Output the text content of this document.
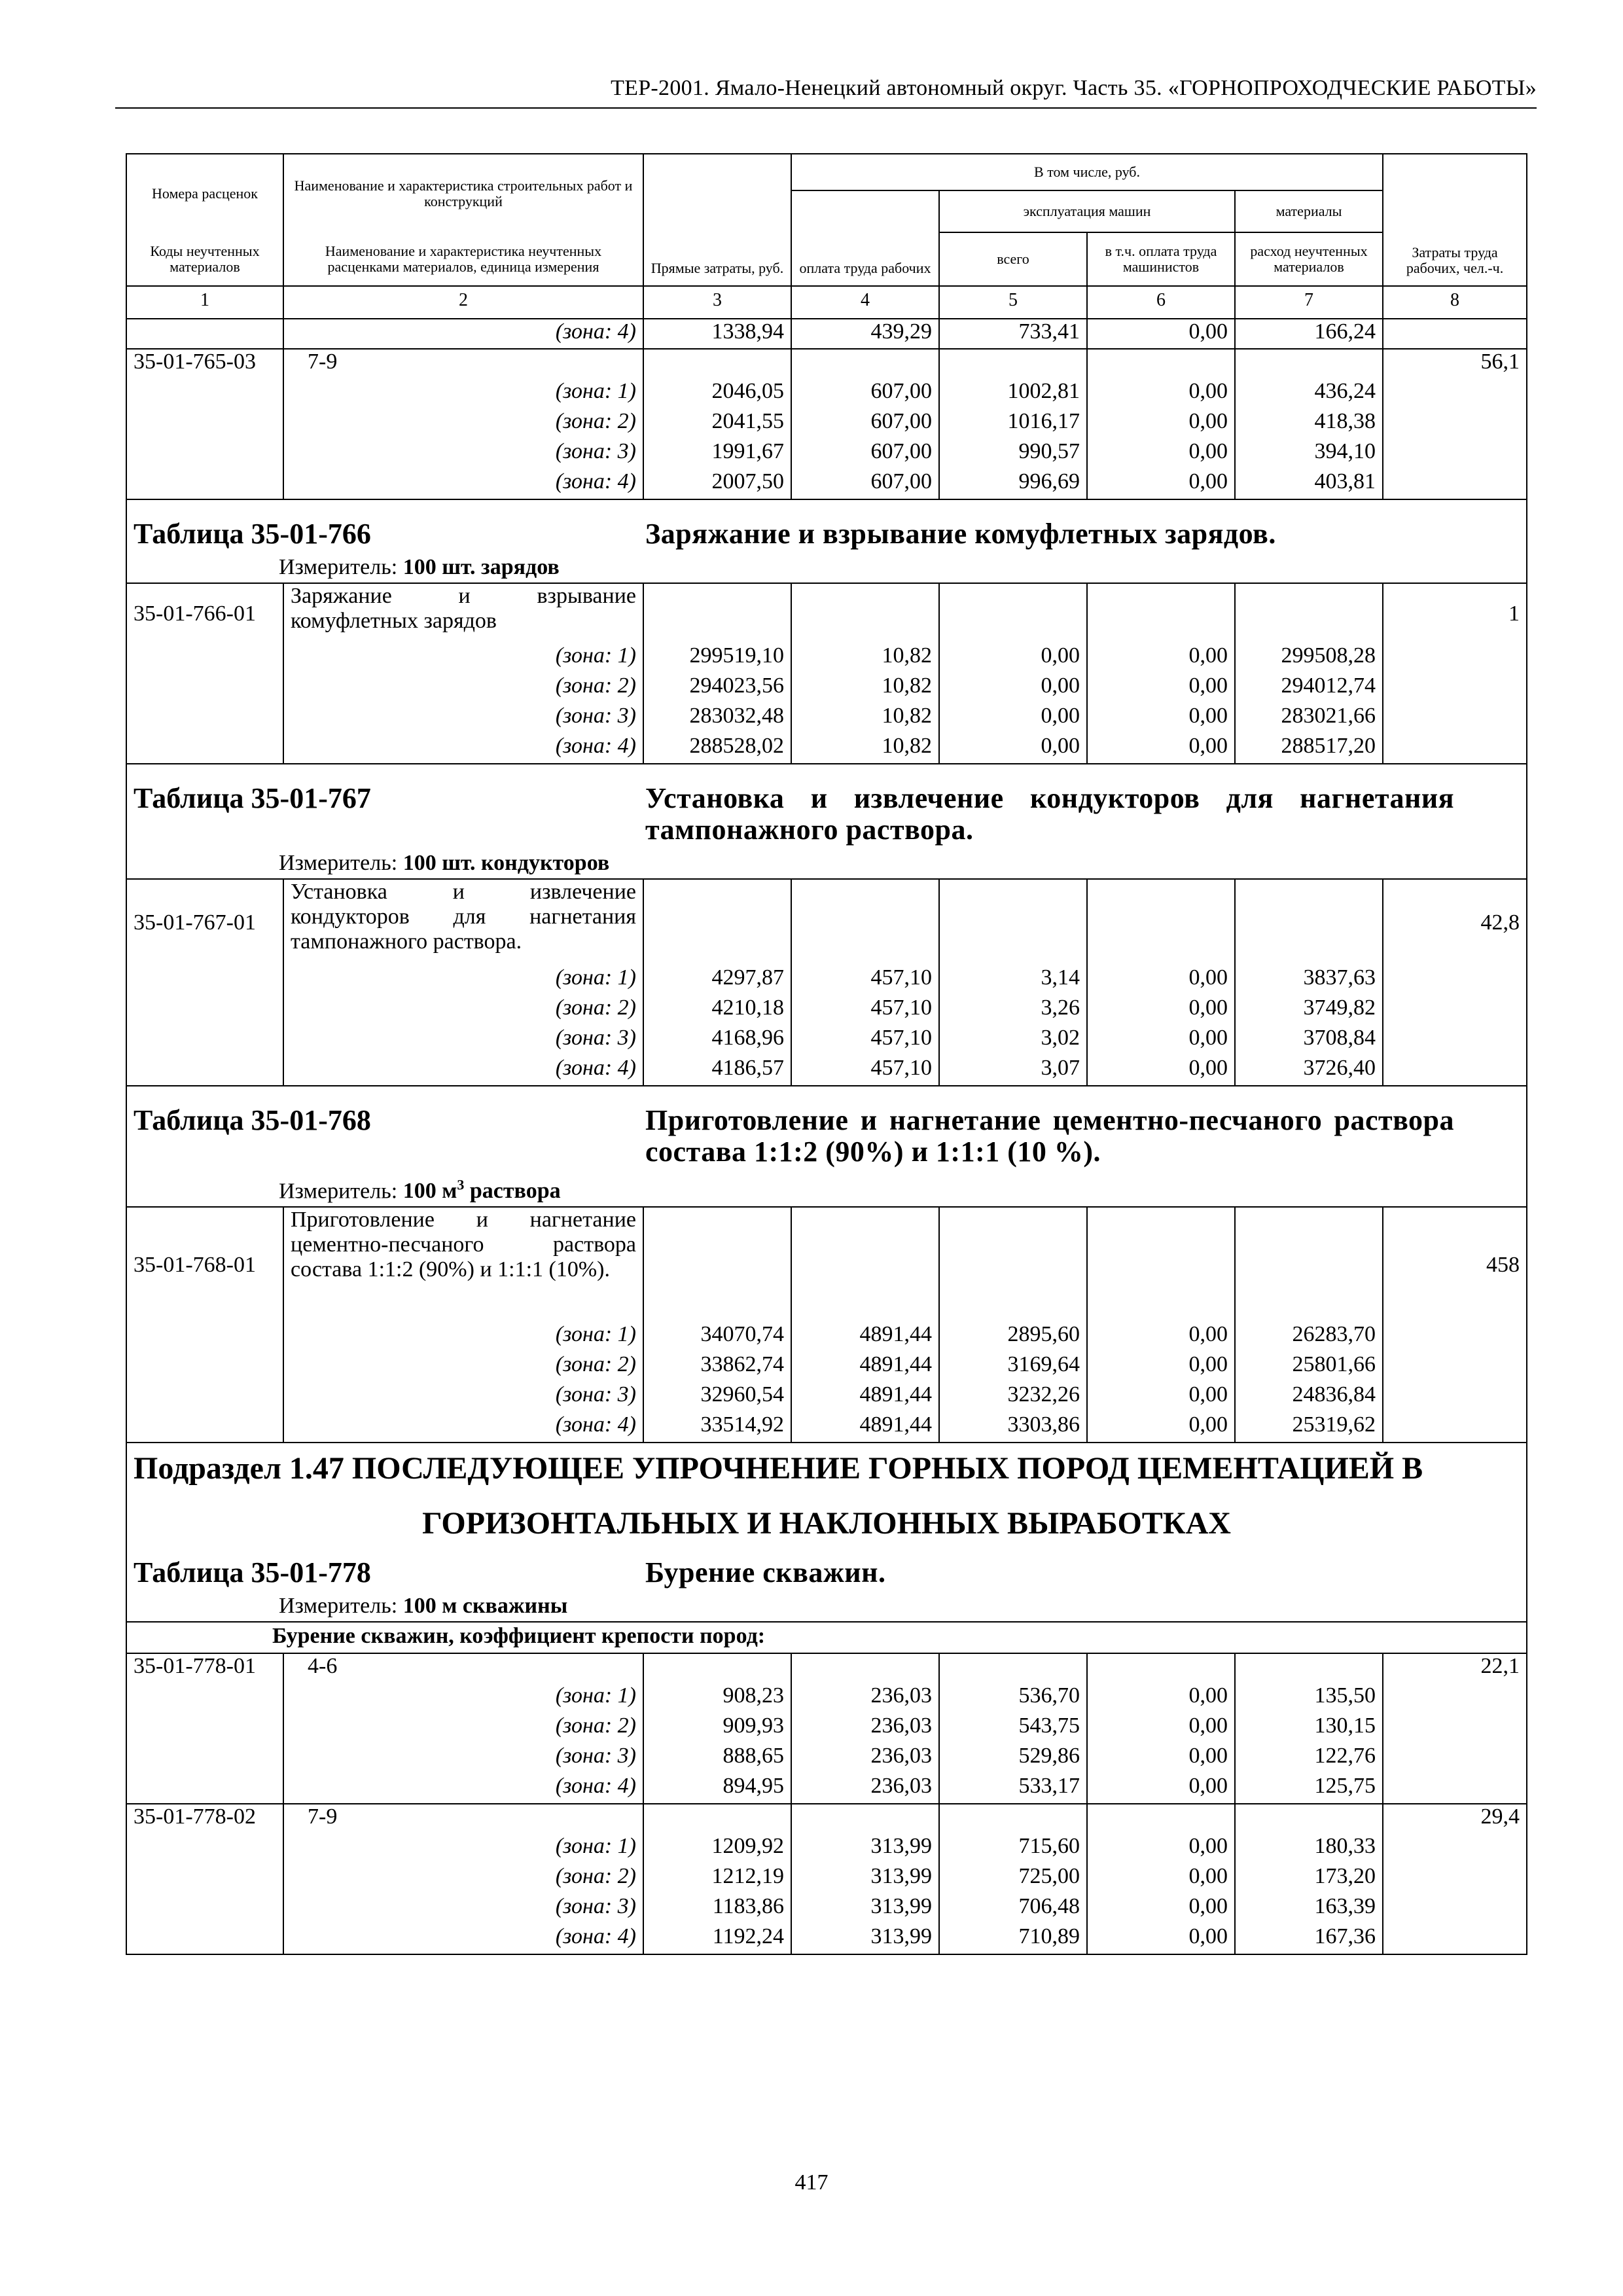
ТЕР-2001. Ямало-Ненецкий автономный округ. Часть 35. «ГОРНОПРОХОДЧЕСКИЕ РАБОТЫ»
Номера расценок	Наименование и характеристика строительных работ и конструкций	Прямые затраты, руб.	В том числе, руб.				Затраты труда рабочих, чел.-ч.
			оплата труда рабочих	эксплуатация машин		материалы	
Коды неучтенных материалов	Наименование и характеристика неучтенных расценками материалов, единица измерения			всего	в т.ч. оплата труда машинистов	расход неучтенных материалов	
1	2	3	4	5	6	7	8
	(зона: 4)	1338,94	439,29	733,41	0,00	166,24	
35-01-765-03	7-9						56,1
	(зона: 1)	2046,05	607,00	1002,81	0,00	436,24	
	(зона: 2)	2041,55	607,00	1016,17	0,00	418,38	
	(зона: 3)	1991,67	607,00	990,57	0,00	394,10	
	(зона: 4)	2007,50	607,00	996,69	0,00	403,81	

Таблица 35-01-766 Заряжание и взрывание комуфлетных зарядов.
Измеритель: 100 шт. зарядов							

35-01-766-01	Заряжание и взрывание комуфлетных зарядов						1
	(зона: 1)	299519,10	10,82	0,00	0,00	299508,28	
	(зона: 2)	294023,56	10,82	0,00	0,00	294012,74	
	(зона: 3)	283032,48	10,82	0,00	0,00	283021,66	
	(зона: 4)	288528,02	10,82	0,00	0,00	288517,20	

Таблица 35-01-767 Установка и извлечение кондукторов для нагнетания тампонажного раствора.
Измеритель: 100 шт. кондукторов							

35-01-767-01	Установка и извлечение кондукторов для нагнетания тампонажного раствора.						42,8
	(зона: 1)	4297,87	457,10	3,14	0,00	3837,63	
	(зона: 2)	4210,18	457,10	3,26	0,00	3749,82	
	(зона: 3)	4168,96	457,10	3,02	0,00	3708,84	
	(зона: 4)	4186,57	457,10	3,07	0,00	3726,40	

Таблица 35-01-768 Приготовление и нагнетание цементно-песчаного раствора состава 1:1:2 (90%) и 1:1:1 (10 %).
Измеритель: 100 $м^3$ раствора							

35-01-768-01	Приготовление и нагнетание цементно-песчаного раствора состава 1:1:2 (90%) и 1:1:1 (10%).						458
	(зона: 1)	34070,74	4891,44	2895,60	0,00	26283,70	
	(зона: 2)	33862,74	4891,44	3169,64	0,00	25801,66	
	(зона: 3)	32960,54	4891,44	3232,26	0,00	24836,84	
	(зона: 4)	33514,92	4891,44	3303,86	0,00	25319,62	

Подраздел 1.47 ПОСЛЕДУЮЩЕЕ УПРОЧНЕНИЕ ГОРНЫХ ПОРОД ЦЕМЕНТАЦИЕЙ В
ГОРИЗОНТАЛЬНЫХ И НАКЛОННЫХ ВЫРАБОТКАХ
Таблица 35-01-778 Бурение скважин.
Измеритель: 100 м скважины							

Бурение скважин, коэффициент крепости пород:							

35-01-778-01	4-6						22,1
	(зона: 1)	908,23	236,03	536,70	0,00	135,50	
	(зона: 2)	909,93	236,03	543,75	0,00	130,15	
	(зона: 3)	888,65	236,03	529,86	0,00	122,76	
	(зона: 4)	894,95	236,03	533,17	0,00	125,75	
35-01-778-02	7-9						29,4
	(зона: 1)	1209,92	313,99	715,60	0,00	180,33	
	(зона: 2)	1212,19	313,99	725,00	0,00	173,20	
	(зона: 3)	1183,86	313,99	706,48	0,00	163,39	
	(зона: 4)	1192,24	313,99	710,89	0,00	167,36	
417
